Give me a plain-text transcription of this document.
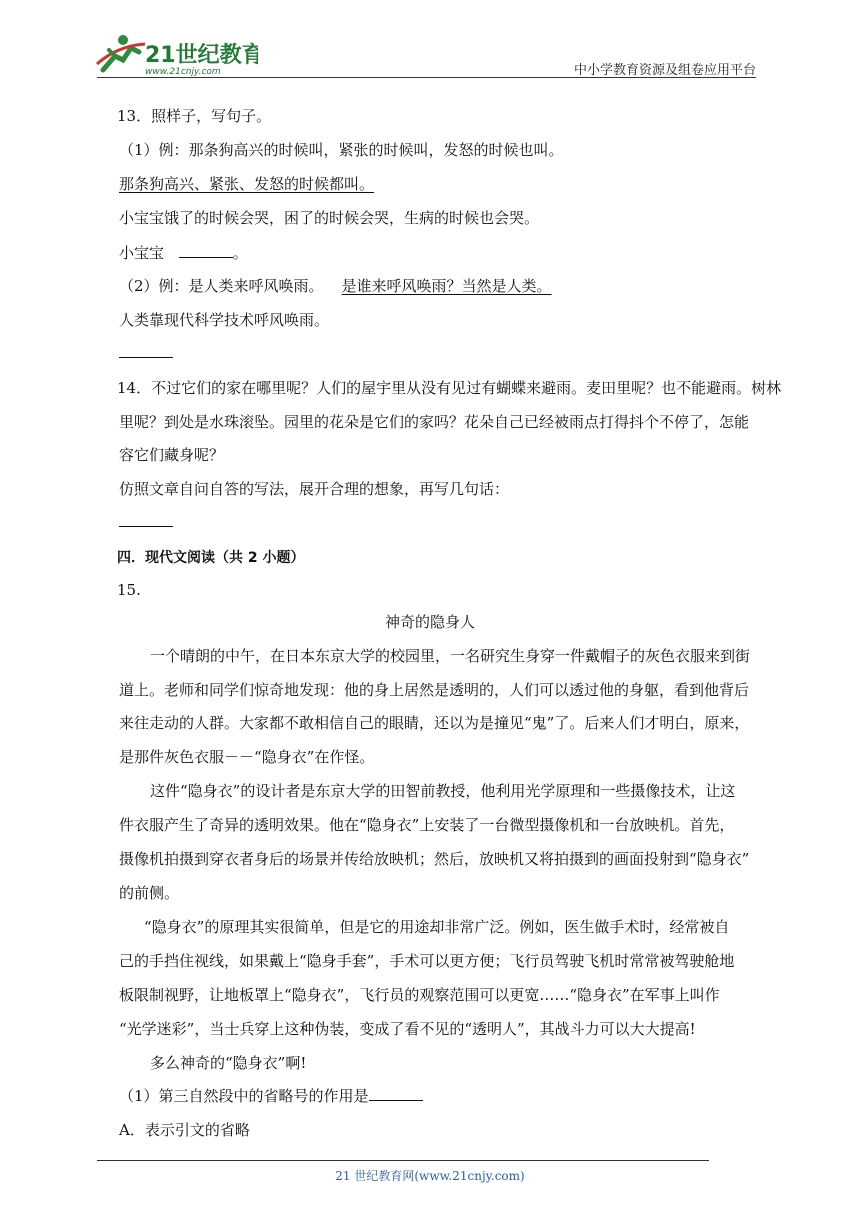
21世纪教育
www.21cnjy.com	中小学教育资源及组卷应用平台
13．照样子，写句子。
（1）例：那条狗高兴的时候叫，紧张的时候叫，发怒的时候也叫。
那条狗高兴、紧张、发怒的时候都叫。
小宝宝饿了的时候会哭，困了的时候会哭，生病的时候也会哭。
小宝宝	。
（2）例：是人类来呼风唤雨。 是谁来呼风唤雨？当然是人类。
人类靠现代科学技术呼风唤雨。
14．不过它们的家在哪里呢？人们的屋宇里从没有见过有蝴蝶来避雨。麦田里呢？也不能避雨。树林
里呢？到处是水珠滚坠。园里的花朵是它们的家吗？花朵自己已经被雨点打得抖个不停了，怎能
容它们藏身呢？
仿照文章自问自答的写法，展开合理的想象，再写几句话：
四．现代文阅读（共 2 小题）
15.
神奇的隐身人
一个晴朗的中午，在日本东京大学的校园里，一名研究生身穿一件戴帽子的灰色衣服来到街
道上。老师和同学们惊奇地发现：他的身上居然是透明的，人们可以透过他的身躯，看到他背后
来往走动的人群。大家都不敢相信自己的眼睛，还以为是撞见“鬼”了。后来人们才明白，原来，
是那件灰色衣服－－“隐身衣”在作怪。
这件“隐身衣”的设计者是东京大学的田智前教授，他利用光学原理和一些摄像技术，让这
件衣服产生了奇异的透明效果。他在“隐身衣”上安装了一台微型摄像机和一台放映机。首先，
摄像机拍摄到穿衣者身后的场景并传给放映机；然后，放映机又将拍摄到的画面投射到“隐身衣”
的前侧。
“隐身衣”的原理其实很简单，但是它的用途却非常广泛。例如，医生做手术时，经常被自
己的手挡住视线，如果戴上“隐身手套”，手术可以更方便；飞行员驾驶飞机时常常被驾驶舱地
板限制视野，让地板罩上“隐身衣”，飞行员的观察范围可以更宽……“隐身衣”在军事上叫作
“光学迷彩”，当士兵穿上这种伪装，变成了看不见的“透明人”，其战斗力可以大大提高!
多么神奇的“隐身衣”啊!
（1）第三自然段中的省略号的作用是
A．表示引文的省略
21 世纪教育网(www.21cnjy.com)
